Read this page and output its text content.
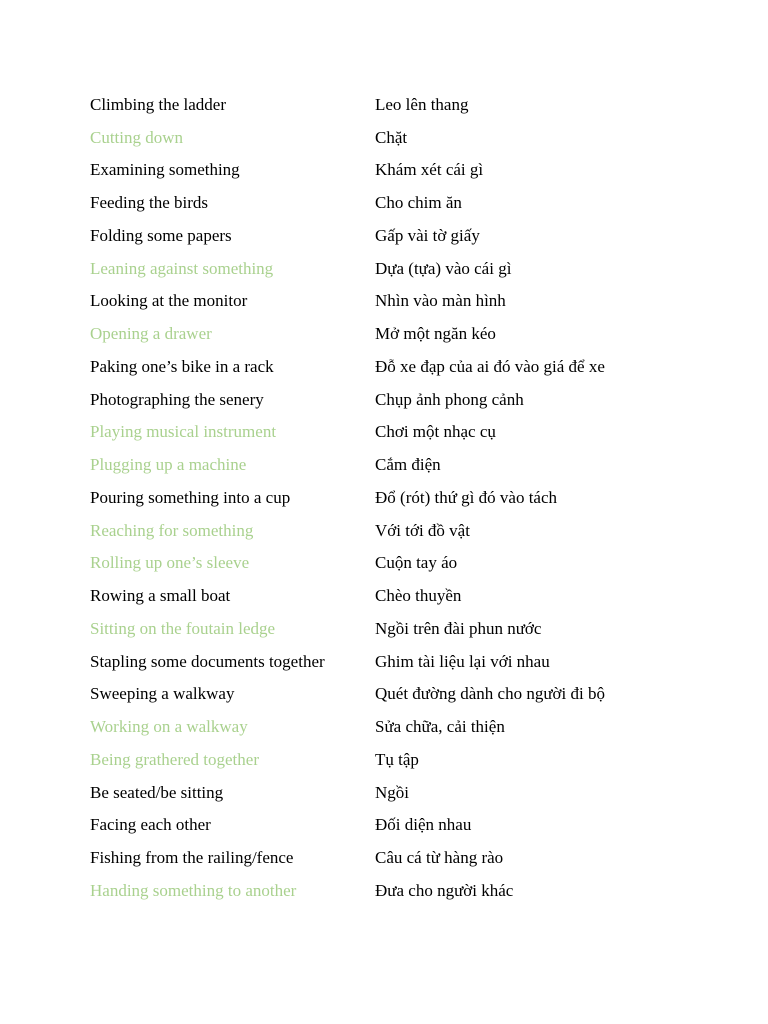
Climbing the ladder	Leo lên thang
Cutting down	Chặt
Examining something	Khám xét cái gì
Feeding the birds	Cho chim ăn
Folding some papers	Gấp vài tờ giấy
Leaning against something	Dựa (tựa) vào cái gì
Looking at the monitor	Nhìn vào màn hình
Opening a drawer	Mở một ngăn kéo
Paking one’s bike in a rack	Đỗ xe đạp của ai đó vào giá để xe
Photographing the senery	Chụp ảnh phong cảnh
Playing musical instrument	Chơi một nhạc cụ
Plugging up a machine	Cắm điện
Pouring something into a cup	Đổ (rót) thứ gì đó vào tách
Reaching for something	Với tới đồ vật
Rolling up one’s sleeve	Cuộn tay áo
Rowing a small boat	Chèo thuyền
Sitting on the foutain ledge	Ngồi trên đài phun nước
Stapling some documents together	Ghim tài liệu lại với nhau
Sweeping a walkway	Quét đường dành cho người đi bộ
Working on a walkway	Sửa chữa, cải thiện
Being grathered together	Tụ tập
Be seated/be sitting	Ngồi
Facing each other	Đối diện nhau
Fishing from the railing/fence	Câu cá từ hàng rào
Handing something to another	Đưa cho người khác
